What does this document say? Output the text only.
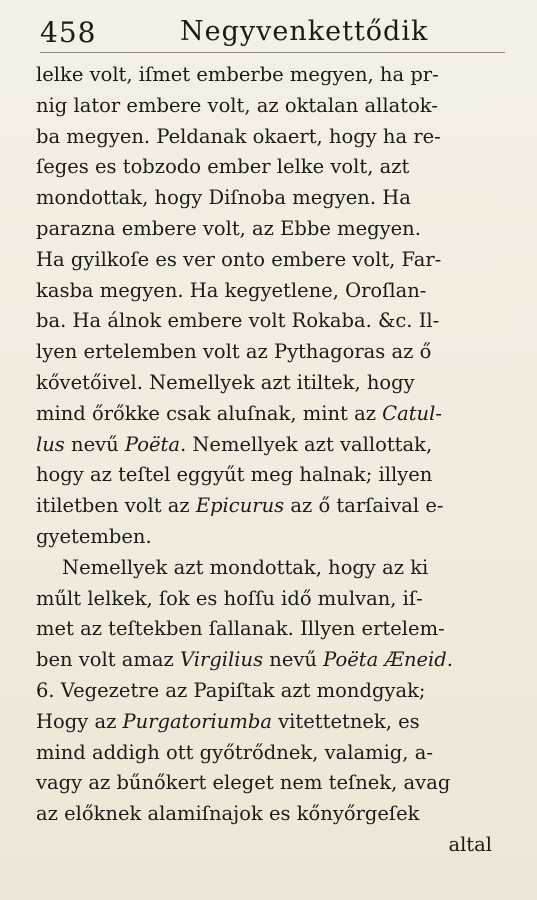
458	Negyvenkettődik
lelke volt, iſmet emberbe megyen, ha pr-
nig lator embere volt, az oktalan allatok-
ba megyen. Peldanak okaert, hogy ha re-
ſeges es tobzodo ember lelke volt, azt
mondottak, hogy Diſnoba megyen. Ha
parazna embere volt, az Ebbe megyen.
Ha gyilkoſe es ver onto embere volt, Far-
kasba megyen. Ha kegyetlene, Oroſlan-
ba. Ha álnok embere volt Rokaba. &c. Il-
lyen ertelemben volt az Pythagoras az ő
kővetőivel. Nemellyek azt itiltek, hogy
mind őrőkke csak aluſnak, mint az Catul-
lus nevű Poëta. Nemellyek azt vallottak,
hogy az teſtel eggyűt meg halnak; illyen
itiletben volt az Epicurus az ő tarſaival e-
gyetemben.
Nemellyek azt mondottak, hogy az ki
műlt lelkek, ſok es hoſſu idő mulvan, iſ-
met az teſtekben ſallanak. Illyen ertelem-
ben volt amaz Virgilius nevű Poëta Æneid.
6. Vegezetre az Papiſtak azt mondgyak;
Hogy az Purgatoriumba vitettetnek, es
mind addigh ott győtrődnek, valamig, a-
vagy az bűnőkert eleget nem teſnek, avag
az előknek alamiſnajok es kőnyőrgeſek
altal
